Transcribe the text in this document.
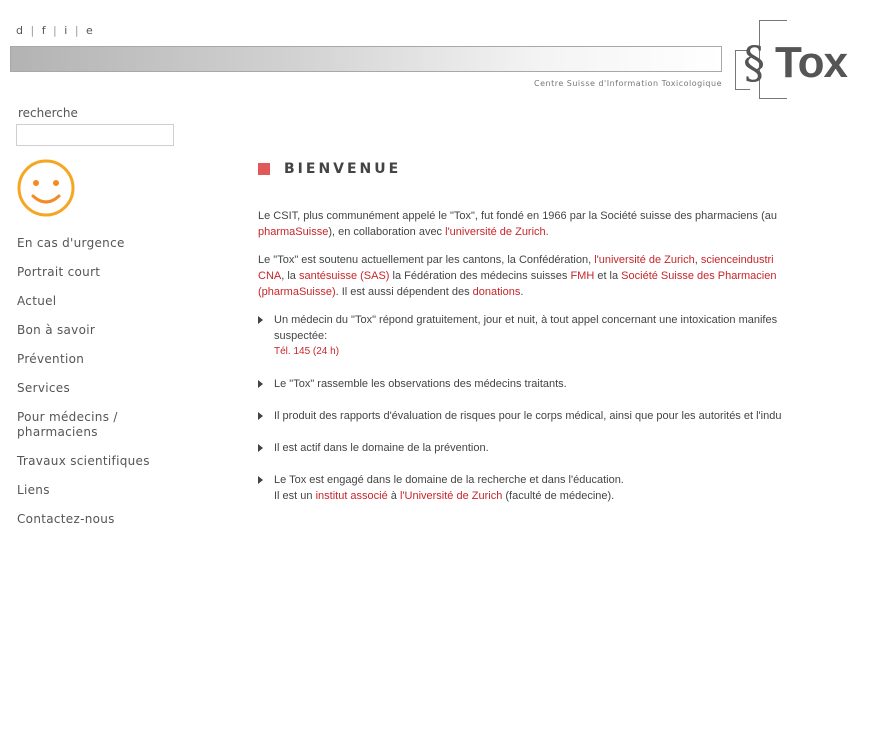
d | f | i | e
Centre Suisse d'Information Toxicologique § Tox
recherche
En cas d'urgence
Portrait court
Actuel
Bon à savoir
Prévention
Services
Pour médecins /
pharmaciens
Travaux scientifiques
Liens
Contactez-nous
BIENVENUE

Le CSIT, plus communément appelé le "Tox", fut fondé en 1966 par la Société suisse des pharmaciens (au
pharmaSuisse), en collaboration avec l'université de Zurich.

Le "Tox" est soutenu actuellement par les cantons, la Confédération, l'université de Zurich, scienceindustri
CNA, la santésuisse (SAS) la Fédération des médecins suisses FMH et la Société Suisse des Pharmacien
(pharmaSuisse). Il est aussi dépendent des donations.

Un médecin du "Tox" répond gratuitement, jour et nuit, à tout appel concernant une intoxication manifes
suspectée:
Tél. 145 (24 h)
Le "Tox" rassemble les observations des médecins traitants.
Il produit des rapports d'évaluation de risques pour le corps médical, ainsi que pour les autorités et l'indu
Il est actif dans le domaine de la prévention.
Le Tox est engagé dans le domaine de la recherche et dans l'éducation.
Il est un institut associé à l'Université de Zurich (faculté de médecine).
